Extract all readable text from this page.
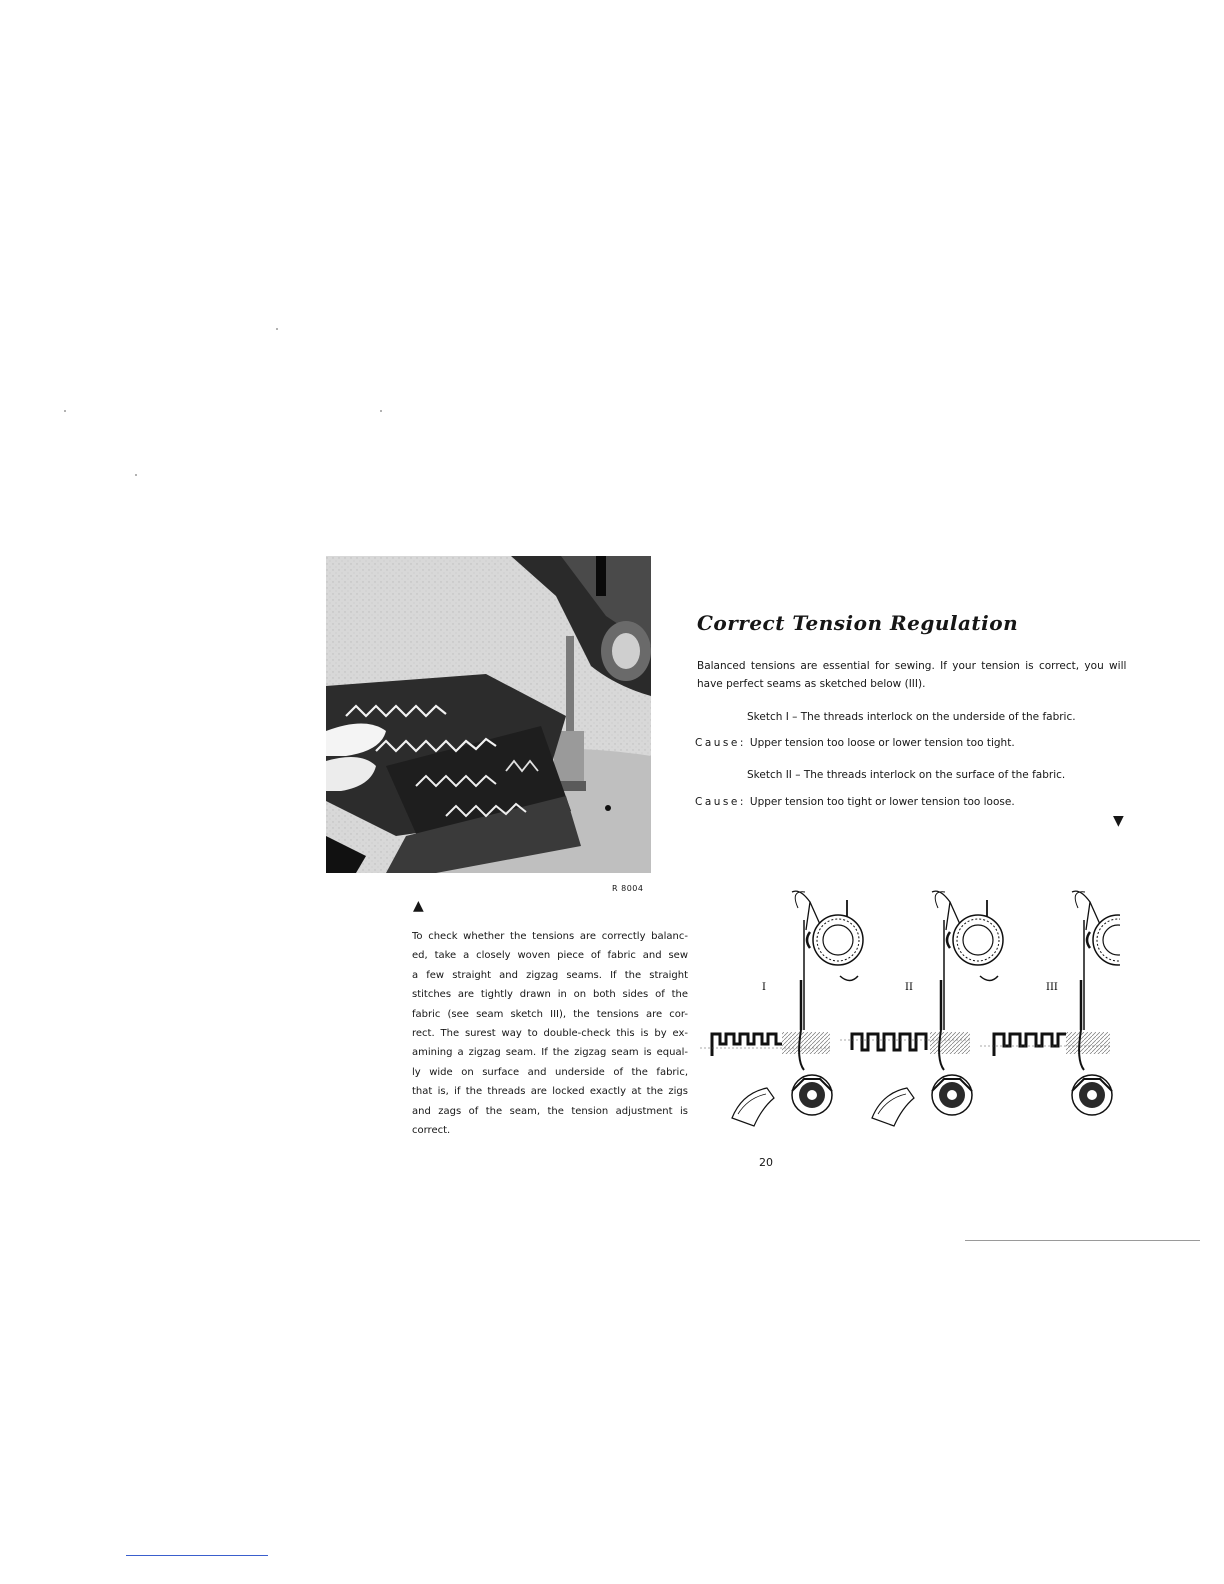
R 8004
Correct Tension Regulation
Balanced tensions are essential for sewing. If your tension is correct, you will
have perfect seams as sketched below (III).
Sketch I – The threads interlock on the underside of the fabric.
Cause: Upper tension too loose or lower tension too tight.
Sketch II – The threads interlock on the surface of the fabric.
Cause: Upper tension too tight or lower tension too loose.
▼
▲
To check whether the tensions are correctly balanc-
ed, take a closely woven piece of fabric and sew
a few straight and zigzag seams. If the straight
stitches are tightly drawn in on both sides of the
fabric (see seam sketch III), the tensions are cor-
rect. The surest way to double-check this is by ex-
amining a zigzag seam. If the zigzag seam is equal-
ly wide on surface and underside of the fabric,
that is, if the threads are locked exactly at the zigs
and zags of the seam, the tension adjustment is
correct.
I	II	III
20
